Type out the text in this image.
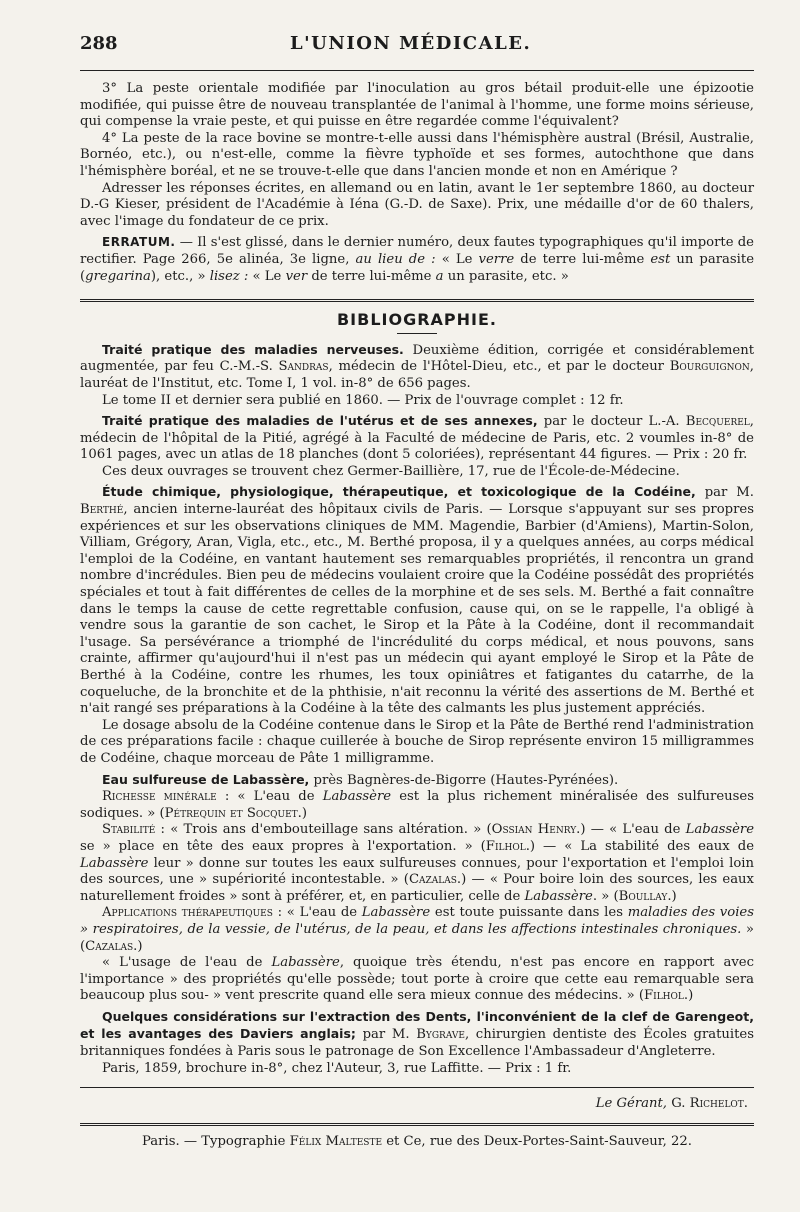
288	L'UNION MÉDICALE.

3° La peste orientale modifiée par l'inoculation au gros bétail produit-elle une épizootie modifiée, qui puisse être de nouveau transplantée de l'animal à l'homme, une forme moins sérieuse, qui compense la vraie peste, et qui puisse en être regardée comme l'équivalent?

4° La peste de la race bovine se montre-t-elle aussi dans l'hémisphère austral (Brésil, Australie, Bornéo, etc.), ou n'est-elle, comme la fièvre typhoïde et ses formes, autochthone que dans l'hémisphère boréal, et ne se trouve-t-elle que dans l'ancien monde et non en Amérique ?

Adresser les réponses écrites, en allemand ou en latin, avant le 1er septembre 1860, au docteur D.-G Kieser, président de l'Académie à Iéna (G.-D. de Saxe). Prix, une médaille d'or de 60 thalers, avec l'image du fondateur de ce prix.

ERRATUM. — Il s'est glissé, dans le dernier numéro, deux fautes typographiques qu'il importe de rectifier. Page 266, 5e alinéa, 3e ligne, au lieu de : « Le verre de terre lui-même est un parasite (gregarina), etc., » lisez : « Le ver de terre lui-même a un parasite, etc. »

BIBLIOGRAPHIE.

Traité pratique des maladies nerveuses. Deuxième édition, corrigée et considérablement augmentée, par feu C.-M.-S. Sandras, médecin de l'Hôtel-Dieu, etc., et par le docteur Bourguignon, lauréat de l'Institut, etc. Tome I, 1 vol. in-8° de 656 pages.

Le tome II et dernier sera publié en 1860. — Prix de l'ouvrage complet : 12 fr.

Traité pratique des maladies de l'utérus et de ses annexes, par le docteur L.-A. Becquerel, médecin de l'hôpital de la Pitié, agrégé à la Faculté de médecine de Paris, etc. 2 voumles in-8° de 1061 pages, avec un atlas de 18 planches (dont 5 coloriées), représentant 44 figures. — Prix : 20 fr.

Ces deux ouvrages se trouvent chez Germer-Baillière, 17, rue de l'École-de-Médecine.

Étude chimique, physiologique, thérapeutique, et toxicologique de la Codéine, par M. Berthé, ancien interne-lauréat des hôpitaux civils de Paris. — Lorsque s'appuyant sur ses propres expériences et sur les observations cliniques de MM. Magendie, Barbier (d'Amiens), Martin-Solon, Villiam, Grégory, Aran, Vigla, etc., etc., M. Berthé proposa, il y a quelques années, au corps médical l'emploi de la Codéine, en vantant hautement ses remarquables propriétés, il rencontra un grand nombre d'incrédules. Bien peu de médecins voulaient croire que la Codéine possédât des propriétés spéciales et tout à fait différentes de celles de la morphine et de ses sels. M. Berthé a fait connaître dans le temps la cause de cette regrettable confusion, cause qui, on se le rappelle, l'a obligé à vendre sous la garantie de son cachet, le Sirop et la Pâte à la Codéine, dont il recommandait l'usage. Sa persévérance a triomphé de l'incrédulité du corps médical, et nous pouvons, sans crainte, affirmer qu'aujourd'hui il n'est pas un médecin qui ayant employé le Sirop et la Pâte de Berthé à la Codéine, contre les rhumes, les toux opiniâtres et fatigantes du catarrhe, de la coqueluche, de la bronchite et de la phthisie, n'ait reconnu la vérité des assertions de M. Berthé et n'ait rangé ses préparations à la Codéine à la tête des calmants les plus justement appréciés.

Le dosage absolu de la Codéine contenue dans le Sirop et la Pâte de Berthé rend l'administration de ces préparations facile : chaque cuillerée à bouche de Sirop représente environ 15 milligrammes de Codéine, chaque morceau de Pâte 1 milligramme.

Eau sulfureuse de Labassère, près Bagnères-de-Bigorre (Hautes-Pyrénées).

Richesse minérale : « L'eau de Labassère est la plus richement minéralisée des sulfureuses sodiques. » (Pétrequin et Socquet.)

Stabilité : « Trois ans d'embouteillage sans altération. » (Ossian Henry.) — « L'eau de Labassère se » place en tête des eaux propres à l'exportation. » (Filhol.) — « La stabilité des eaux de Labassère leur » donne sur toutes les eaux sulfureuses connues, pour l'exportation et l'emploi loin des sources, une » supériorité incontestable. » (Cazalas.) — « Pour boire loin des sources, les eaux naturellement froides » sont à préférer, et, en particulier, celle de Labassère. » (Boullay.)

Applications thérapeutiques : « L'eau de Labassère est toute puissante dans les maladies des voies » respiratoires, de la vessie, de l'utérus, de la peau, et dans les affections intestinales chroniques. » (Cazalas.)

« L'usage de l'eau de Labassère, quoique très étendu, n'est pas encore en rapport avec l'importance » des propriétés qu'elle possède; tout porte à croire que cette eau remarquable sera beaucoup plus sou- » vent prescrite quand elle sera mieux connue des médecins. » (Filhol.)

Quelques considérations sur l'extraction des Dents, l'inconvénient de la clef de Garengeot, et les avantages des Daviers anglais; par M. Bygrave, chirurgien dentiste des Écoles gratuites britanniques fondées à Paris sous le patronage de Son Excellence l'Ambassadeur d'Angleterre.

Paris, 1859, brochure in-8°, chez l'Auteur, 3, rue Laffitte. — Prix : 1 fr.

Le Gérant, G. Richelot.

Paris. — Typographie Félix Malteste et Ce, rue des Deux-Portes-Saint-Sauveur, 22.
